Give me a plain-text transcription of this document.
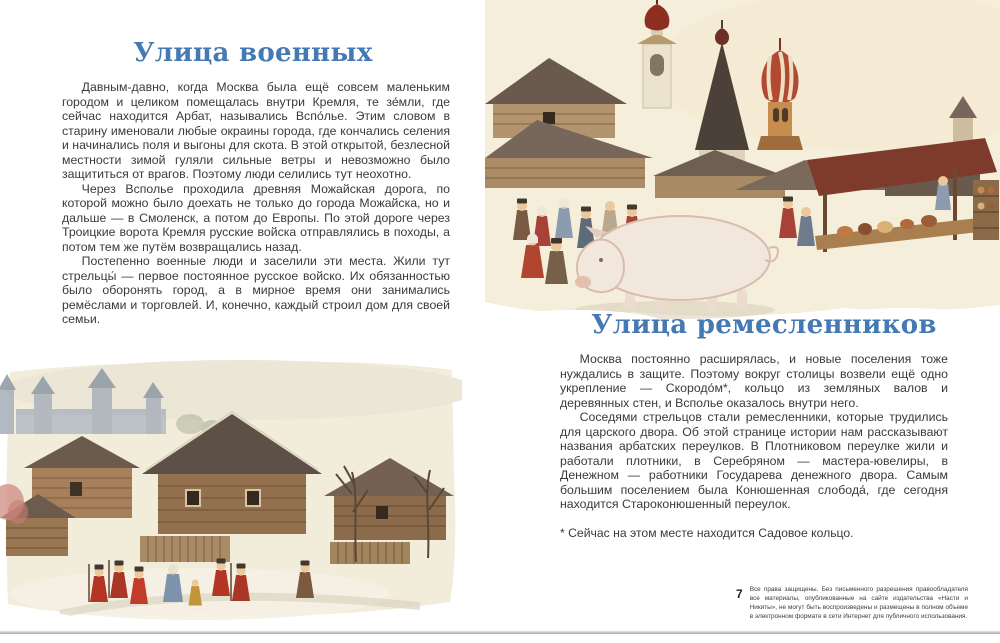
Улица военных

Давным-давно, когда Москва была ещё совсем маленьким городом и целиком помещалась внутри Кремля, те зе́мли, где сейчас находится Арбат, назывались Вспо́лье. Этим словом в старину именовали любые окраины города, где кончались селения и начинались поля и выгоны для скота. В этой открытой, безлесной местности зимой гуляли сильные ветры и невозможно было защититься от врагов. Поэтому люди селились тут неохотно.

Через Всполье проходила древняя Можайская дорога, по которой можно было доехать не только до города Можайска, но и дальше — в Смоленск, а потом до Европы. По этой дороге через Троицкие ворота Кремля русские войска отправлялись в походы, а потом тем же путём возвращались назад.

Постепенно военные люди и заселили эти места. Жили тут стрельцы́ — первое постоянное русское войско. Их обязанностью было оборонять город, а в мирное время они занимались ремёслами и торговлей. И, конечно, каждый строил дом для своей семьи.	Улица ремесленников

Москва постоянно расширялась, и новые поселения тоже нуждались в защите. Поэтому вокруг столицы возвели ещё одно укрепление — Скородо́м*, кольцо из земляных валов и деревянных стен, и Всполье оказалось внутри него.

Соседями стрельцов стали ремесленники, которые трудились для царского двора. Об этой странице истории нам рассказывают названия арбатских переулков. В Плотниковом переулке жили и работали плотники, в Серебряном — мастера-ювелиры, в Денежном — работники Государева денежного двора. Самым большим поселением была Конюшенная слобода́, где сегодня находится Староконюшенный переулок.

* Сейчас на этом месте находится Садовое кольцо.

7 Все права защищены. Без письменного разрешения правообладателя все материалы, опубликованные на сайте издательства «Насти и Никиты», не могут быть воспроизведены и размещены в полном объеме в электронном формате в сети Интернет для публичного использования.
